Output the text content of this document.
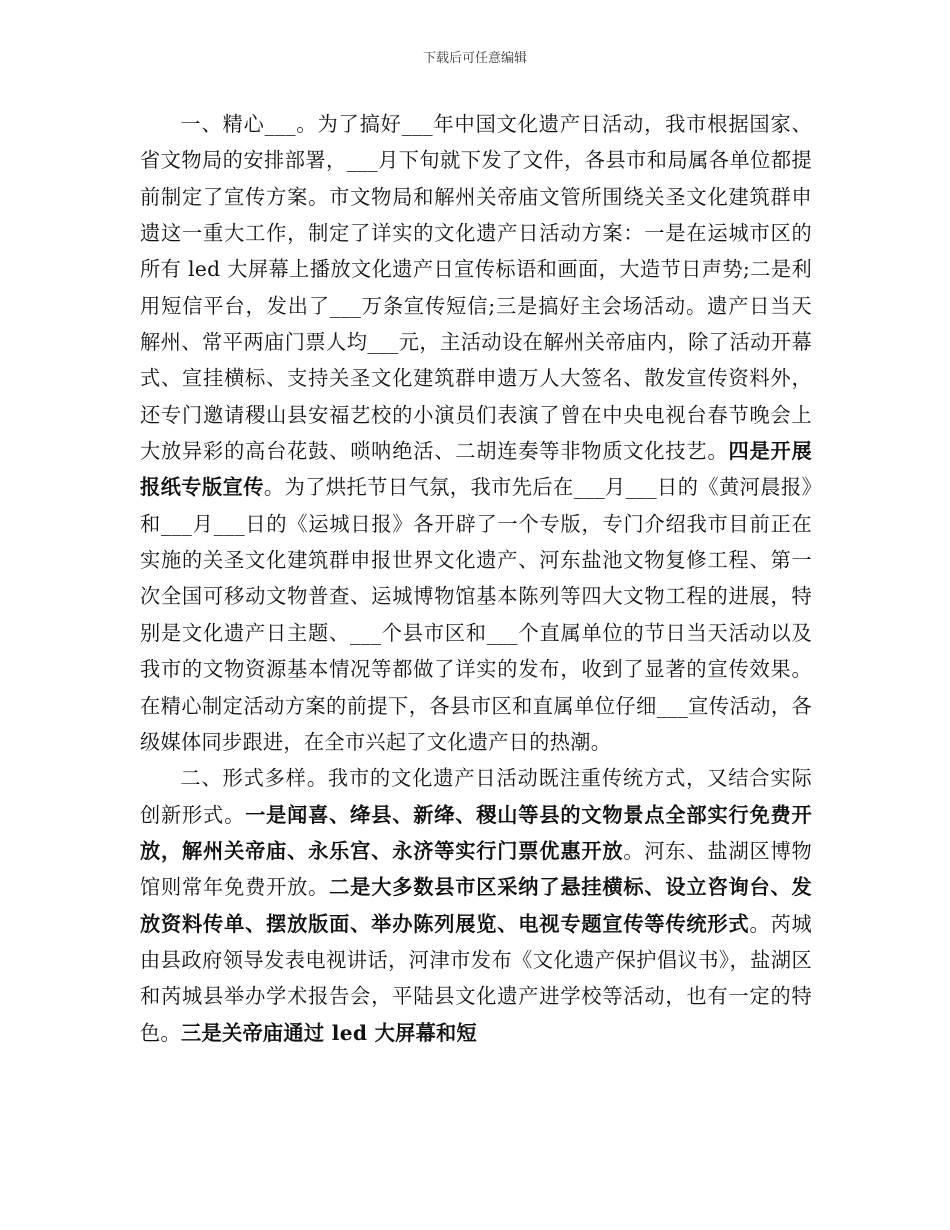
下载后可任意编辑

一、精心___。为了搞好___年中国文化遗产日活动，我市根据国家、省文物局的安排部署，___月下旬就下发了文件，各县市和局属各单位都提前制定了宣传方案。市文物局和解州关帝庙文管所围绕关圣文化建筑群申遗这一重大工作，制定了详实的文化遗产日活动方案：一是在运城市区的所有 led 大屏幕上播放文化遗产日宣传标语和画面，大造节日声势;二是利用短信平台，发出了___万条宣传短信;三是搞好主会场活动。遗产日当天解州、常平两庙门票人均___元，主活动设在解州关帝庙内，除了活动开幕式、宣挂横标、支持关圣文化建筑群申遗万人大签名、散发宣传资料外，还专门邀请稷山县安福艺校的小演员们表演了曾在中央电视台春节晚会上大放异彩的高台花鼓、唢呐绝活、二胡连奏等非物质文化技艺。四是开展报纸专版宣传。为了烘托节日气氛，我市先后在___月___日的《黄河晨报》和___月___日的《运城日报》各开辟了一个专版，专门介绍我市目前正在实施的关圣文化建筑群申报世界文化遗产、河东盐池文物复修工程、第一次全国可移动文物普查、运城博物馆基本陈列等四大文物工程的进展，特别是文化遗产日主题、___个县市区和___个直属单位的节日当天活动以及我市的文物资源基本情况等都做了详实的发布，收到了显著的宣传效果。在精心制定活动方案的前提下，各县市区和直属单位仔细___宣传活动，各级媒体同步跟进，在全市兴起了文化遗产日的热潮。

二、形式多样。我市的文化遗产日活动既注重传统方式，又结合实际创新形式。一是闻喜、绛县、新绛、稷山等县的文物景点全部实行免费开放，解州关帝庙、永乐宫、永济等实行门票优惠开放。河东、盐湖区博物馆则常年免费开放。二是大多数县市区采纳了悬挂横标、设立咨询台、发放资料传单、摆放版面、举办陈列展览、电视专题宣传等传统形式。芮城由县政府领导发表电视讲话，河津市发布《文化遗产保护倡议书》，盐湖区和芮城县举办学术报告会，平陆县文化遗产进学校等活动，也有一定的特色。三是关帝庙通过 led 大屏幕和短
